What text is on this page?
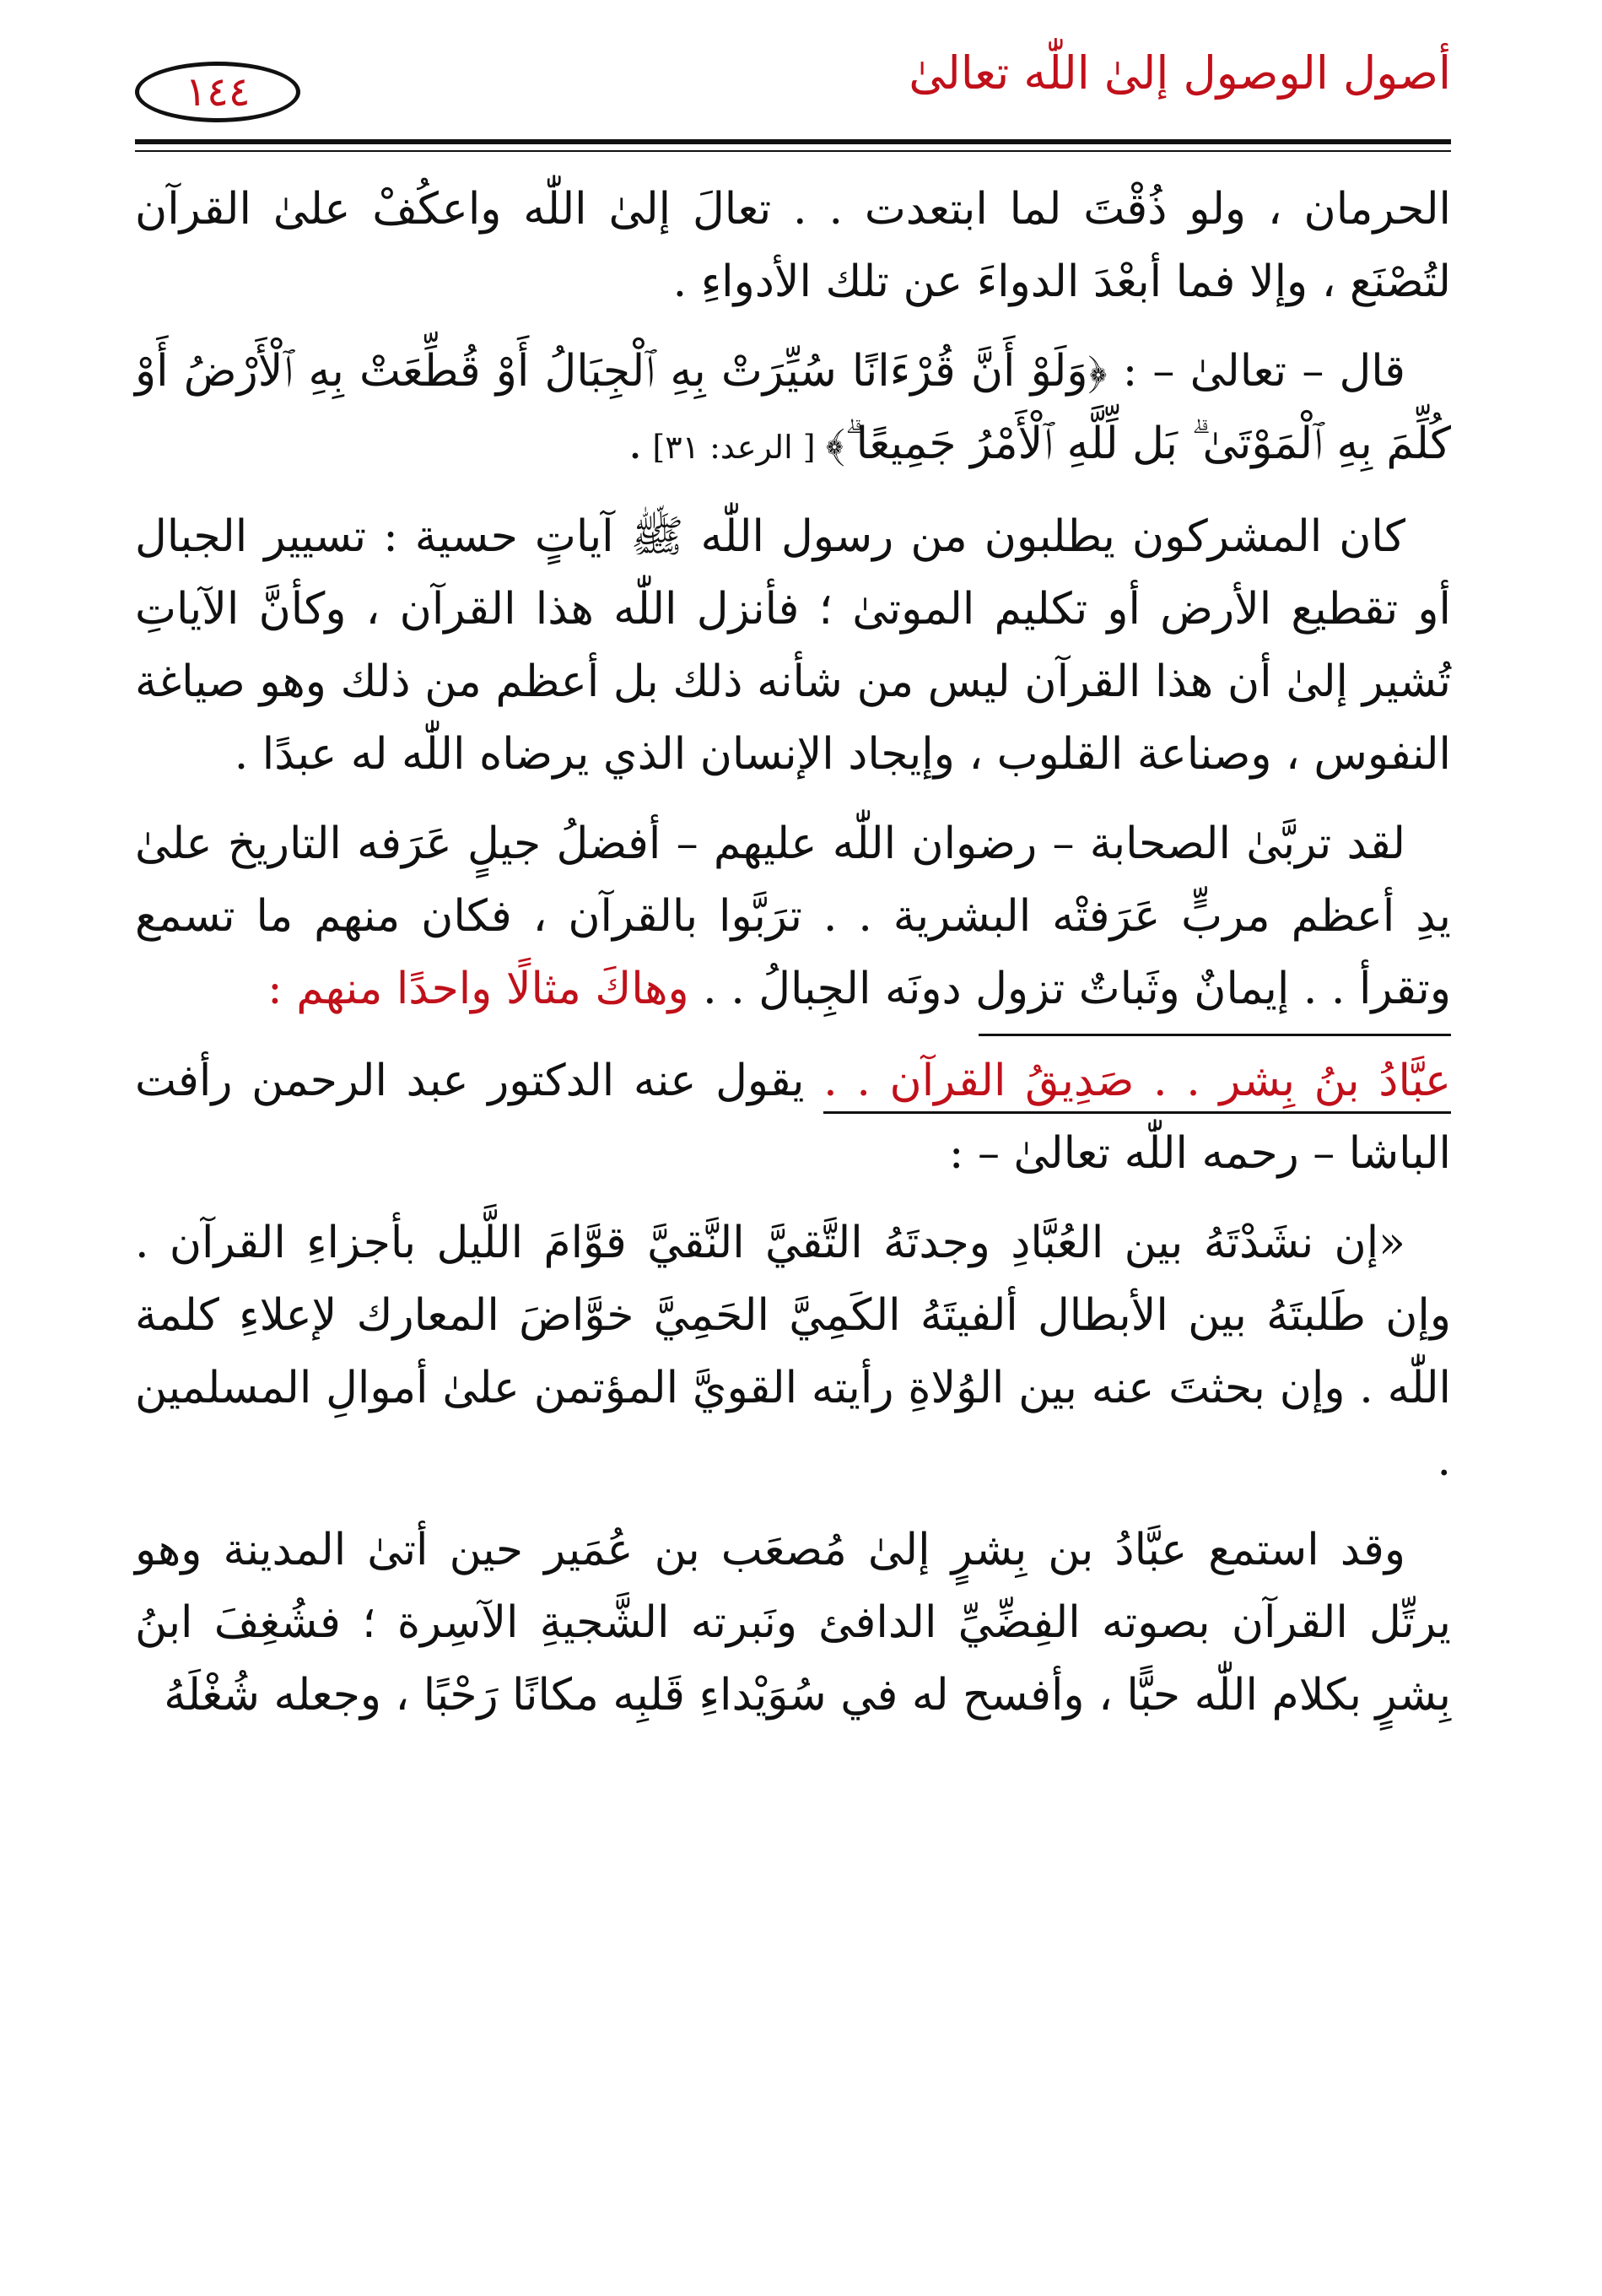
أصول الوصول إلىٰ اللّٰه تعالىٰ
١٤٤

الحرمان ، ولو ذُقْتَ لما ابتعدت . . تعالَ إلىٰ اللّٰه واعكُفْ علىٰ القرآن لتُصْنَع ، وإلا فما أبعْدَ الدواءَ عن تلك الأدواءِ .

قال – تعالىٰ – : ﴿وَلَوْ أَنَّ قُرْءَانًا سُيِّرَتْ بِهِ ٱلْجِبَالُ أَوْ قُطِّعَتْ بِهِ ٱلْأَرْضُ أَوْ كُلِّمَ بِهِ ٱلْمَوْتَىٰ ۗ بَل لِّلَّهِ ٱلْأَمْرُ جَمِيعًا ۗ﴾ [ الرعد: ٣١] .

كان المشركون يطلبون من رسول اللّٰه ﷺ آياتٍ حسية : تسيير الجبال أو تقطيع الأرض أو تكليم الموتىٰ ؛ فأنزل اللّٰه هذا القرآن ، وكأنَّ الآياتِ تُشير إلىٰ أن هذا القرآن ليس من شأنه ذلك بل أعظم من ذلك وهو صياغة النفوس ، وصناعة القلوب ، وإيجاد الإنسان الذي يرضاه اللّٰه له عبدًا .

لقد تربَّىٰ الصحابة – رضوان اللّٰه عليهم – أفضلُ جيلٍ عَرَفه التاريخ علىٰ يدِ أعظم مربٍّ عَرَفتْه البشرية . . ترَبَّوا بالقرآن ، فكان منهم ما تسمع وتقرأ . . إيمانٌ وثَباتٌ تزول دونَه الجِبالُ . . وهاكَ مثالًا واحدًا منهم :

عبَّادُ بنُ بِشر . . صَدِيقُ القرآن . . يقول عنه الدكتور عبد الرحمن رأفت الباشا – رحمه اللّٰه تعالىٰ – :

«إن نشَدْتَهُ بين العُبَّادِ وجدتَهُ التَّقيَّ النَّقيَّ قوَّامَ اللَّيل بأجزاءِ القرآن . وإن طَلبتَهُ بين الأبطال ألفيتَهُ الكَمِيَّ الحَمِيَّ خوَّاضَ المعارك لإعلاءِ كلمة اللّٰه . وإن بحثتَ عنه بين الوُلاةِ رأيته القويَّ المؤتمن علىٰ أموالِ المسلمين .

وقد استمع عبَّادُ بن بِشرٍ إلىٰ مُصعَب بن عُمَير حين أتىٰ المدينة وهو يرتِّل القرآن بصوته الفِضِّيِّ الدافئ ونَبرته الشَّجيةِ الآسِرة ؛ فشُغِفَ ابنُ بِشرٍ بكلام اللّٰه حبًّا ، وأفسح له في سُوَيْداءِ قَلبِه مكانًا رَحْبًا ، وجعله شُغْلَهُ
